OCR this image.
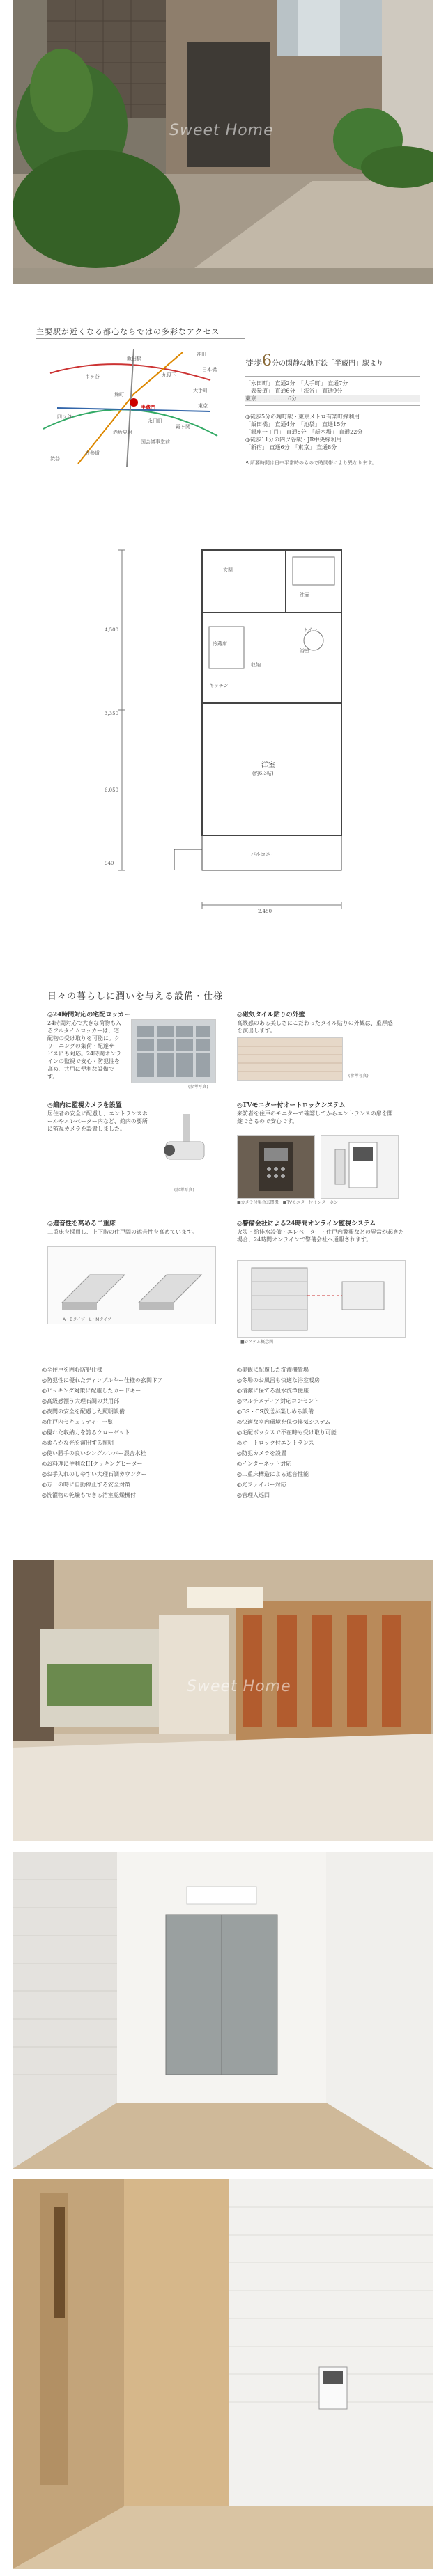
Sweet Home
主要駅が近くなる都心ならではの多彩なアクセス
麹町
半蔵門
四ツ谷
市ヶ谷
飯田橋
九段下
永田町
赤坂見附
霞ヶ関
国会議事堂前
大手町
東京
日本橋
神田
渋谷
表参道
徒歩6分の閑静な地下鉄「半蔵門」駅より
「永田町」 直通2分　「大手町」 直通7分
「表参道」 直通6分　「渋谷」 直通9分
東京 …………… 6分
◎徒歩5分の麹町駅・東京メトロ有楽町線利用
「飯田橋」 直通4分　「池袋」 直通15分
「銀座一丁目」 直通8分　「新木場」 直通22分
◎徒歩11分の四ツ谷駅・JR中央線利用
「新宿」 直通6分　「東京」 直通8分
※所要時間は日中平常時のもので時間帯により異なります。
玄関
洗面
浴室
トイレ
キッチン
冷蔵庫
収納
洋室
(約6.3帖)
バルコニー
4,500
6,050
2,450
3,350
940
日々の暮らしに潤いを与える設備・仕様
◎24時間対応の宅配ロッカー
24時間対応で大きな荷物も入るフルタイムロッカーは、宅配物の受け取りを可能に。クリーニングの集荷・配達サービスにも対応。24時間オンラインの監視で安心・防犯性を高め、共用に便利な設備です。
(参考写真)
◎磁気タイル貼りの外壁
高級感のある美しさにこだわったタイル貼りの外観は、重厚感を演出します。
(参考写真)
◎TVモニター付オートロックシステム
来訪者を住戸のモニターで確認してからエントランスの扉を開錠できるので安心です。
■カメラ付集合玄関機　■TVモニター付インターホン
◎館内に監視カメラを設置
居住者の安全に配慮し、エントランスホールやエレベーター内など、館内の要所に監視カメラを設置しました。
(参考写真)
◎遮音性を高める二重床
二重床を採用し、上下階の住戸間の遮音性を高めています。
A・Bタイプ　L・Mタイプ
◎警備会社による24時間オンライン監視システム
火災・給排水設備・エレベーター・住戸内警報などの異常が起きた場合、24時間オンラインで警備会社へ通報されます。
■システム概念図
◎全住戸を囲む防犯仕様
◎防犯性に優れたディンプルキー仕様の玄関ドア
◎ピッキング対策に配慮したカードキー
◎高級感漂う大理石調の共用部
◎夜間の安全を配慮した照明設備
◎住戸内セキュリティー一覧
◎優れた収納力を誇るクローゼット
◎美観に配慮した洗濯機置場
◎冬場のお風呂も快適な浴室暖房
◎清潔に保てる温水洗浄便座
◎マルチメディア対応コンセント
◎BS・CS放送が楽しめる設備
◎快適な室内環境を保つ換気システム
◎宅配ボックスで不在時も受け取り可能
◎柔らかな光を演出する照明
◎使い勝手の良いシングルレバー混合水栓
◎お料理に便利なIHクッキングヒーター
◎お手入れのしやすい大理石調カウンター
◎万一の時に自動停止する安全対策
◎洗濯物の乾燥もできる浴室乾燥機付
◎オートロック付エントランス
◎防犯カメラを設置
◎インターネット対応
◎二重床構造による遮音性能
◎光ファイバー対応
◎管理人巡回
Sweet Home
